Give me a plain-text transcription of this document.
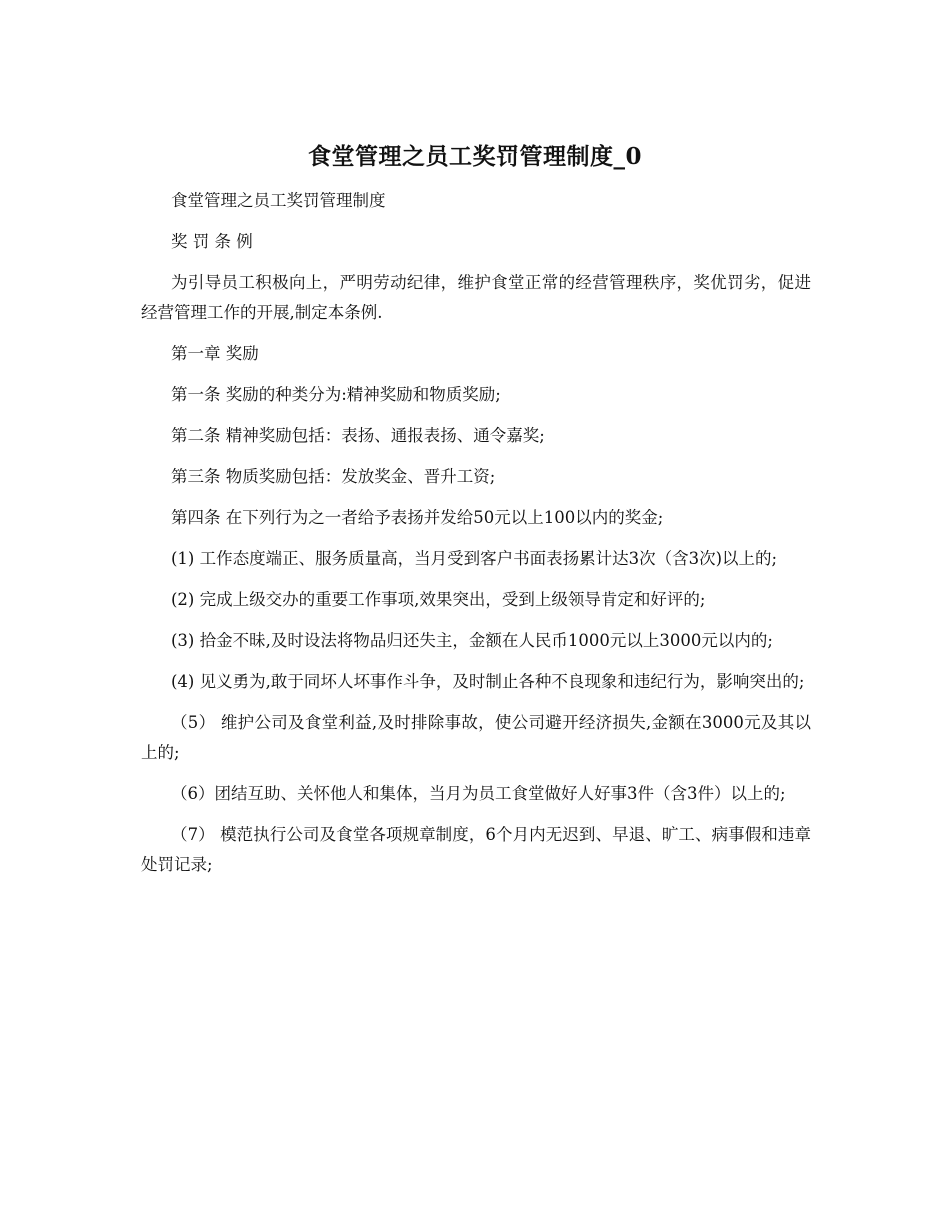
食堂管理之员工奖罚管理制度_0

食堂管理之员工奖罚管理制度

奖 罚 条 例

为引导员工积极向上，严明劳动纪律，维护食堂正常的经营管理秩序，奖优罚劣，促进经营管理工作的开展,制定本条例.

第一章 奖励

第一条 奖励的种类分为:精神奖励和物质奖励;

第二条 精神奖励包括：表扬、通报表扬、通令嘉奖;

第三条 物质奖励包括：发放奖金、晋升工资;

第四条 在下列行为之一者给予表扬并发给50元以上100以内的奖金;

(1) 工作态度端正、服务质量高，当月受到客户书面表扬累计达3次（含3次)以上的;

(2) 完成上级交办的重要工作事项,效果突出，受到上级领导肯定和好评的;

(3) 拾金不昧,及时设法将物品归还失主，金额在人民币1000元以上3000元以内的;

(4) 见义勇为,敢于同坏人坏事作斗争，及时制止各种不良现象和违纪行为，影响突出的;

（5） 维护公司及食堂利益,及时排除事故，使公司避开经济损失,金额在3000元及其以上的;

（6）团结互助、关怀他人和集体，当月为员工食堂做好人好事3件（含3件）以上的;

（7） 模范执行公司及食堂各项规章制度，6个月内无迟到、早退、旷工、病事假和违章处罚记录;
